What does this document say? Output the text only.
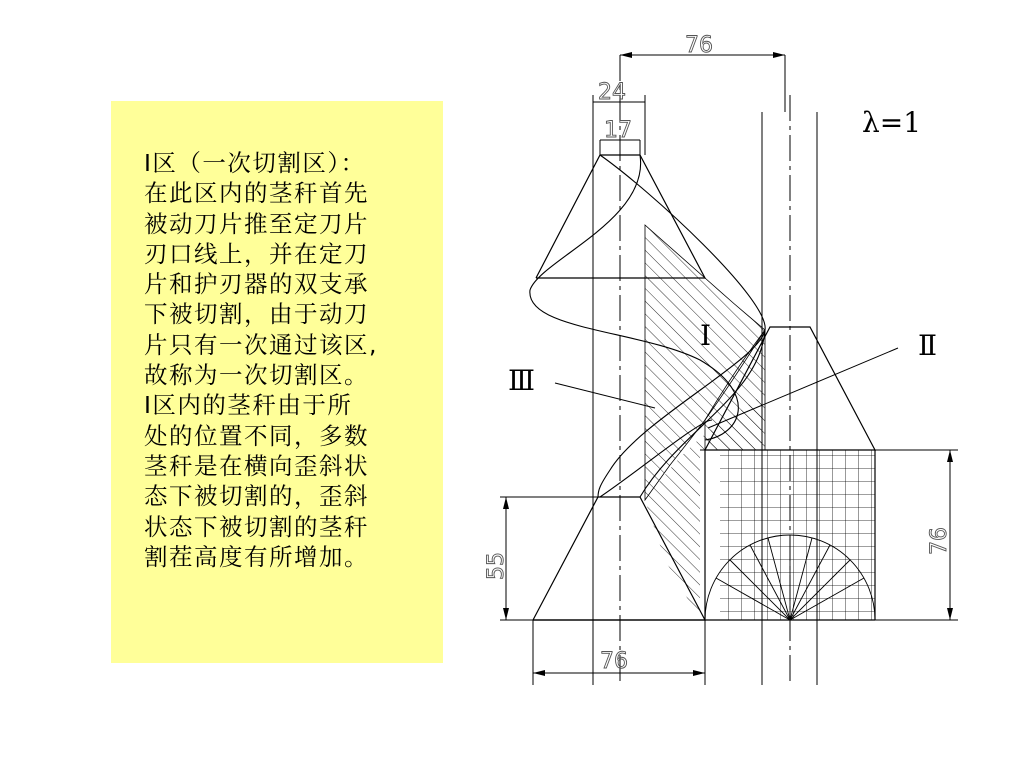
Ⅰ区（一次切割区）：
在此区内的茎秆首先
被动刀片推至定刀片
刃口线上，并在定刀
片和护刃器的双支承
下被切割，由于动刀
片只有一次通过该区,
故称为一次切割区。
Ⅰ区内的茎秆由于所
处的位置不同，多数
茎秆是在横向歪斜状
态下被切割的，歪斜
状态下被切割的茎秆
割茬高度有所增加。
76
24
17
55
76
76
λ=1
Ⅰ	Ⅱ
Ⅲ
